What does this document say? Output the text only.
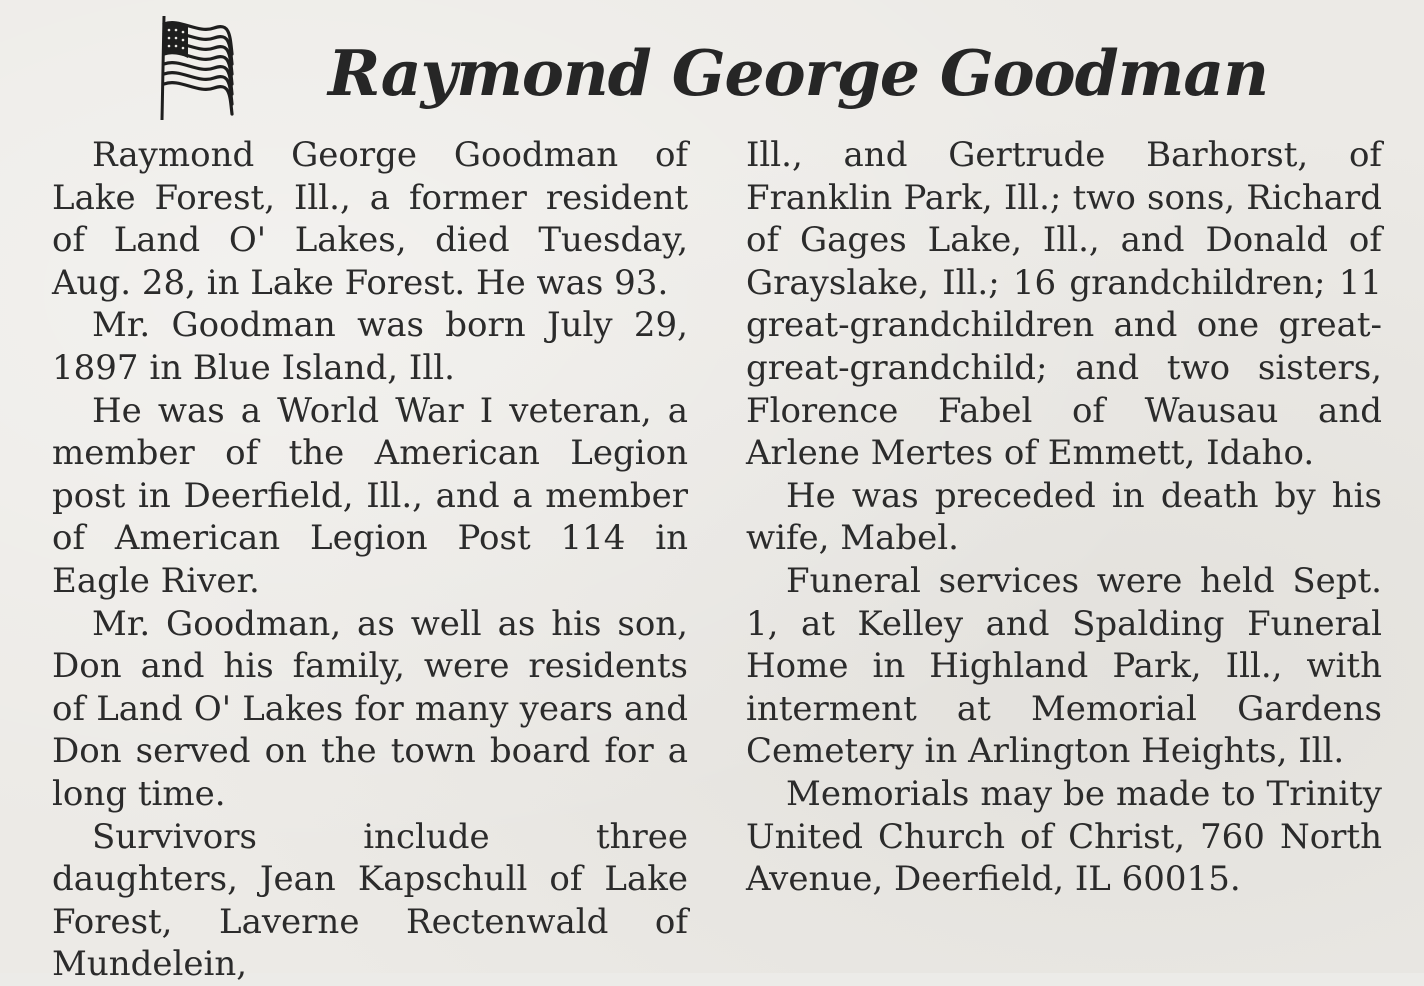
Raymond George Goodman

Raymond George Goodman of Lake Forest, Ill., a former resident of Land O' Lakes, died Tuesday, Aug. 28, in Lake Forest. He was 93.

Mr. Goodman was born July 29, 1897 in Blue Island, Ill.

He was a World War I veteran, a member of the American Legion post in Deerfield, Ill., and a member of American Legion Post 114 in Eagle River.

Mr. Goodman, as well as his son, Don and his family, were residents of Land O' Lakes for many years and Don served on the town board for a long time.

Survivors include three daughters, Jean Kapschull of Lake Forest, Laverne Rectenwald of Mundelein,

Ill., and Gertrude Barhorst, of Franklin Park, Ill.; two sons, Richard of Gages Lake, Ill., and Donald of Grayslake, Ill.; 16 grandchildren; 11 great-grandchildren and one great-great-grandchild; and two sisters, Florence Fabel of Wausau and Arlene Mertes of Emmett, Idaho.

He was preceded in death by his wife, Mabel.

Funeral services were held Sept. 1, at Kelley and Spalding Funeral Home in Highland Park, Ill., with interment at Memorial Gardens Cemetery in Arlington Heights, Ill.

Memorials may be made to Trinity United Church of Christ, 760 North Avenue, Deerfield, IL 60015.
